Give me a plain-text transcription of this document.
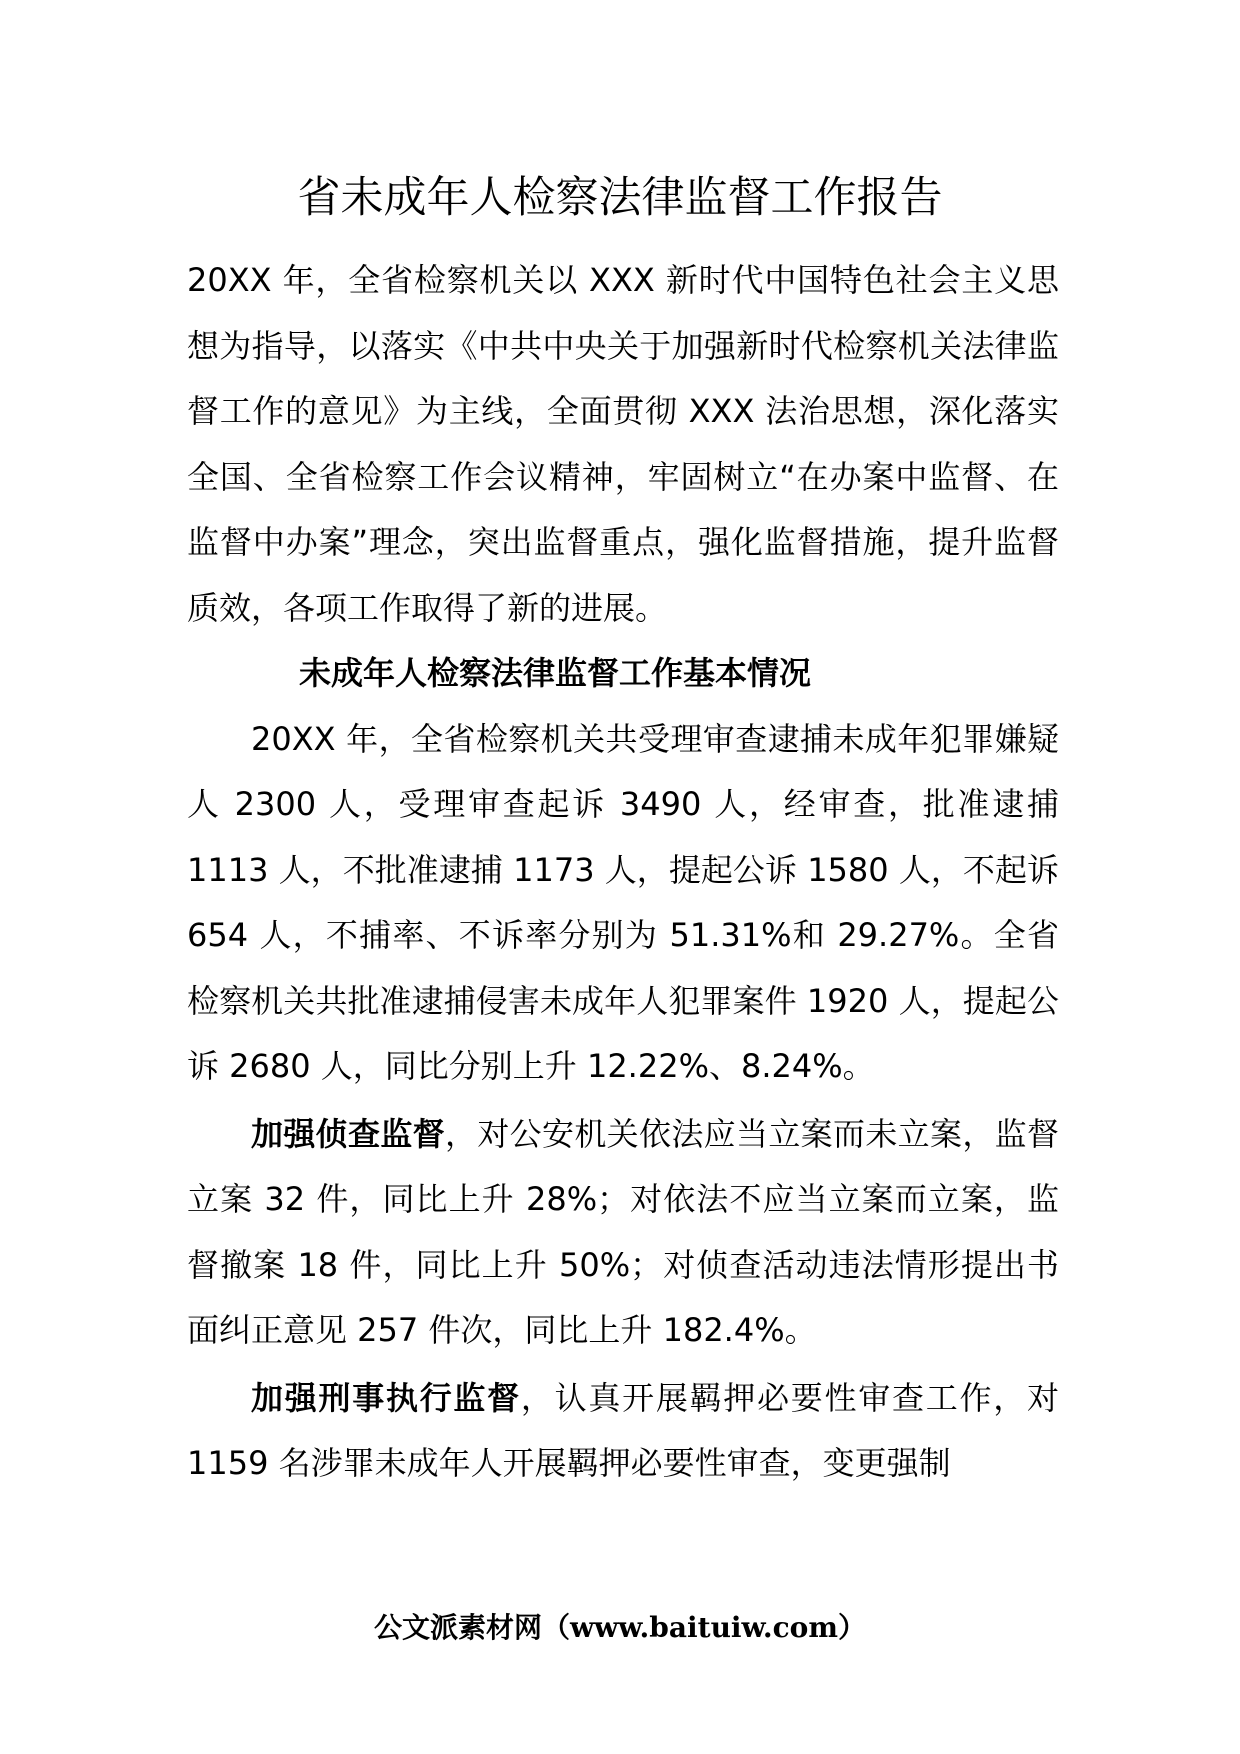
省未成年人检察法律监督工作报告

20XX 年，全省检察机关以 XXX 新时代中国特色社会主义思想为指导，以落实《中共中央关于加强新时代检察机关法律监督工作的意见》为主线，全面贯彻 XXX 法治思想，深化落实全国、全省检察工作会议精神，牢固树立“在办案中监督、在监督中办案”理念，突出监督重点，强化监督措施，提升监督质效，各项工作取得了新的进展。

未成年人检察法律监督工作基本情况

20XX 年，全省检察机关共受理审查逮捕未成年犯罪嫌疑人 2300 人，受理审查起诉 3490 人，经审查，批准逮捕 1113 人，不批准逮捕 1173 人，提起公诉 1580 人，不起诉 654 人，不捕率、不诉率分别为 51.31%和 29.27%。全省检察机关共批准逮捕侵害未成年人犯罪案件 1920 人，提起公诉 2680 人，同比分别上升 12.22%、8.24%。

加强侦查监督，对公安机关依法应当立案而未立案，监督立案 32 件，同比上升 28%；对依法不应当立案而立案，监督撤案 18 件，同比上升 50%；对侦查活动违法情形提出书面纠正意见 257 件次，同比上升 182.4%。

加强刑事执行监督，认真开展羁押必要性审查工作，对 1159 名涉罪未成年人开展羁押必要性审查，变更强制

公文派素材网（www.baituiw.com）
